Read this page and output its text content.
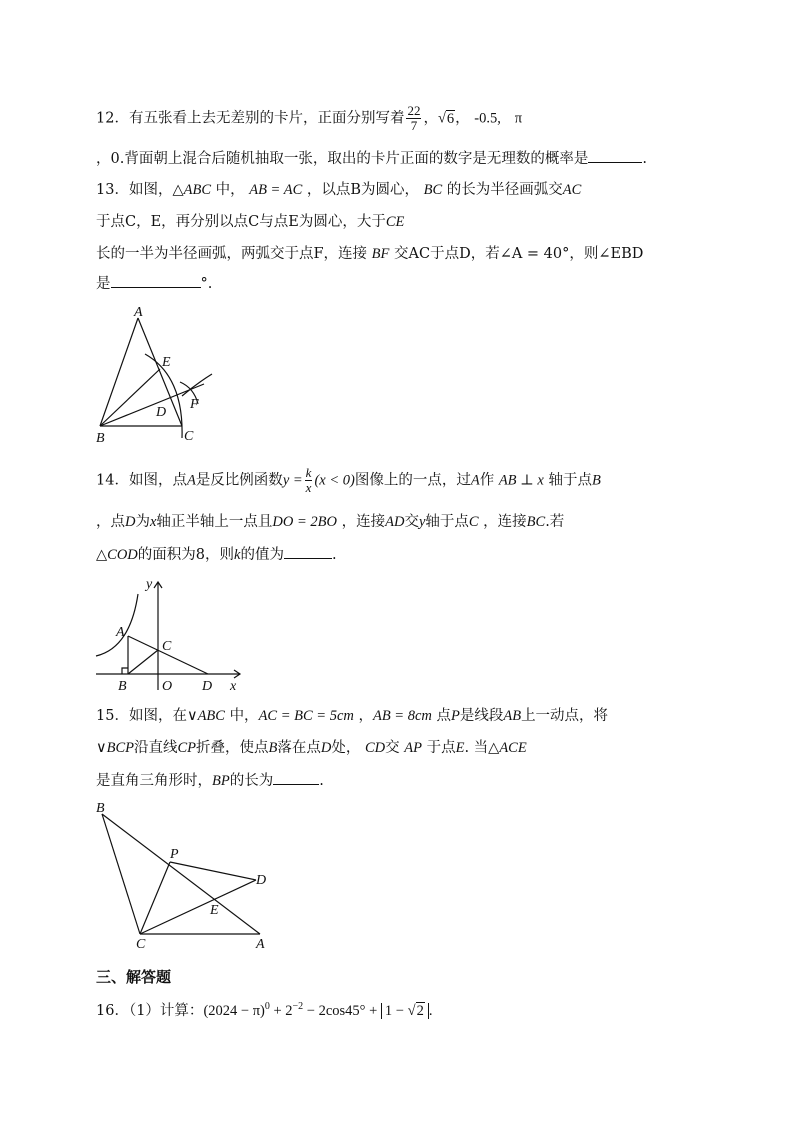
12．有五张看上去无差别的卡片，正面分别写着 $\frac{22}{7}$ ，√6， -0.5, π
，0.背面朝上混合后随机抽取一张，取出的卡片正面的数字是无理数的概率是	.
13．如图，△ABC 中， AB = AC ，以点B为圆心， BC 的长为半径画弧交AC
于点C，E，再分别以点C与点E为圆心，大于CE
长的一半为半径画弧，两弧交于点F，连接 BF 交AC于点D，若∠A = 40°，则∠EBD
是	°.
A
E
D
F
B	C
14．如图，点A是反比例函数$y = \frac{k}{x} (x < 0)$图像上的一点，过A作 AB ⊥ x 轴于点B
，点D为x轴正半轴上一点且DO = 2BO ，连接AD交y轴于点C ，连接BC.若
△COD的面积为8，则k的值为	.
y
x
A
C
B	O D
15．如图，在∨ABC 中，AC = BC = 5cm ，AB = 8cm 点P是线段AB上一动点，将
∨BCP沿直线CP折叠，使点B落在点D处， CD交 AP 于点E. 当△ACE
是直角三角形时，BP的长为	.
B
P
D
E
C	A
三、解答题
16．（1）计算：$(2024 - \pi)^0 + 2^{-2} - 2\cos 45^\circ + 1 - √2$ .
